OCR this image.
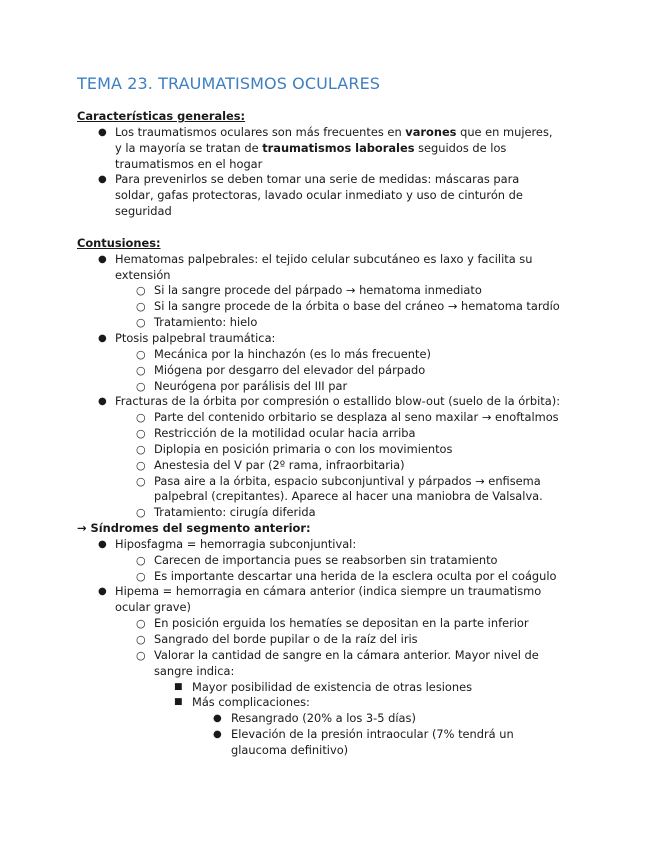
TEMA 23. TRAUMATISMOS OCULARES
Características generales:
● Los traumatismos oculares son más frecuentes en varones que en mujeres,
y la mayoría se tratan de traumatismos laborales seguidos de los
traumatismos en el hogar
● Para prevenirlos se deben tomar una serie de medidas: máscaras para
soldar, gafas protectoras, lavado ocular inmediato y uso de cinturón de
seguridad
Contusiones:
● Hematomas palpebrales: el tejido celular subcutáneo es laxo y facilita su
extensión
○ Si la sangre procede del párpado → hematoma inmediato
○ Si la sangre procede de la órbita o base del cráneo → hematoma tardío
○ Tratamiento: hielo
● Ptosis palpebral traumática:
○ Mecánica por la hinchazón (es lo más frecuente)
○ Miógena por desgarro del elevador del párpado
○ Neurógena por parálisis del III par
● Fracturas de la órbita por compresión o estallido blow-out (suelo de la órbita):
○ Parte del contenido orbitario se desplaza al seno maxilar → enoftalmos
○ Restricción de la motilidad ocular hacia arriba
○ Diplopia en posición primaria o con los movimientos
○ Anestesia del V par (2º rama, infraorbitaria)
○ Pasa aire a la órbita, espacio subconjuntival y párpados → enfisema
palpebral (crepitantes). Aparece al hacer una maniobra de Valsalva.
○ Tratamiento: cirugía diferida
→ Síndromes del segmento anterior:
● Hiposfagma = hemorragia subconjuntival:
○ Carecen de importancia pues se reabsorben sin tratamiento
○ Es importante descartar una herida de la esclera oculta por el coágulo
● Hipema = hemorragia en cámara anterior (indica siempre un traumatismo
ocular grave)
○ En posición erguida los hematíes se depositan en la parte inferior
○ Sangrado del borde pupilar o de la raíz del iris
○ Valorar la cantidad de sangre en la cámara anterior. Mayor nivel de
sangre indica:
■ Mayor posibilidad de existencia de otras lesiones
■ Más complicaciones:
● Resangrado (20% a los 3-5 días)
● Elevación de la presión intraocular (7% tendrá un
glaucoma definitivo)
